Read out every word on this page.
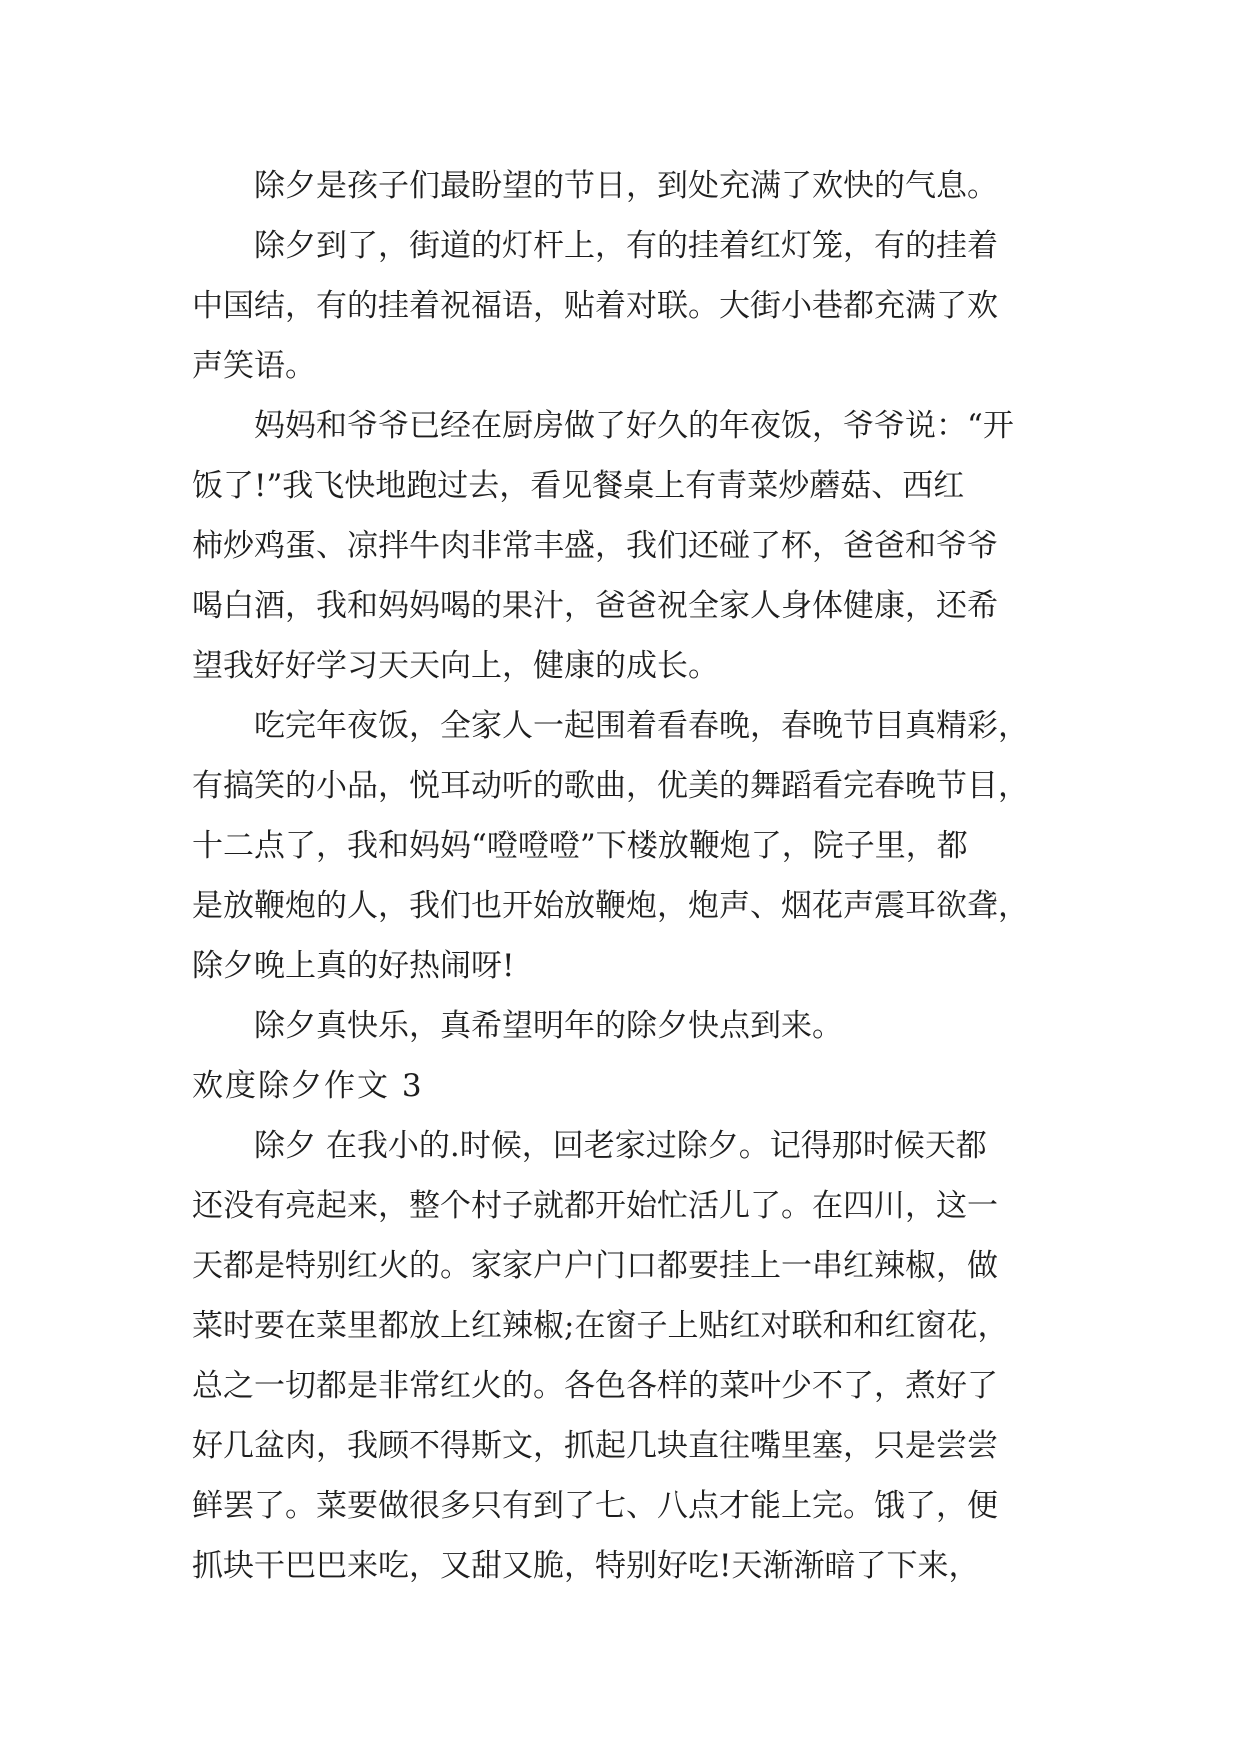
除夕是孩子们最盼望的节日，到处充满了欢快的气息。
除夕到了，街道的灯杆上，有的挂着红灯笼，有的挂着
中国结，有的挂着祝福语，贴着对联。大街小巷都充满了欢
声笑语。
妈妈和爷爷已经在厨房做了好久的年夜饭，爷爷说：“开
饭了!”我飞快地跑过去，看见餐桌上有青菜炒蘑菇、西红
柿炒鸡蛋、凉拌牛肉非常丰盛，我们还碰了杯，爸爸和爷爷
喝白酒，我和妈妈喝的果汁，爸爸祝全家人身体健康，还希
望我好好学习天天向上，健康的成长。
吃完年夜饭，全家人一起围着看春晚，春晚节目真精彩，
有搞笑的小品，悦耳动听的歌曲，优美的舞蹈看完春晚节目，
十二点了，我和妈妈“噔噔噔”下楼放鞭炮了，院子里，都
是放鞭炮的人，我们也开始放鞭炮，炮声、烟花声震耳欲聋，
除夕晚上真的好热闹呀!
除夕真快乐，真希望明年的除夕快点到来。
欢度除夕作文 3
除夕 在我小的.时候，回老家过除夕。记得那时候天都
还没有亮起来，整个村子就都开始忙活儿了。在四川，这一
天都是特别红火的。家家户户门口都要挂上一串红辣椒，做
菜时要在菜里都放上红辣椒;在窗子上贴红对联和和红窗花，
总之一切都是非常红火的。各色各样的菜叶少不了，煮好了
好几盆肉，我顾不得斯文，抓起几块直往嘴里塞，只是尝尝
鲜罢了。菜要做很多只有到了七、八点才能上完。饿了，便
抓块干巴巴来吃，又甜又脆，特别好吃!天渐渐暗了下来，
